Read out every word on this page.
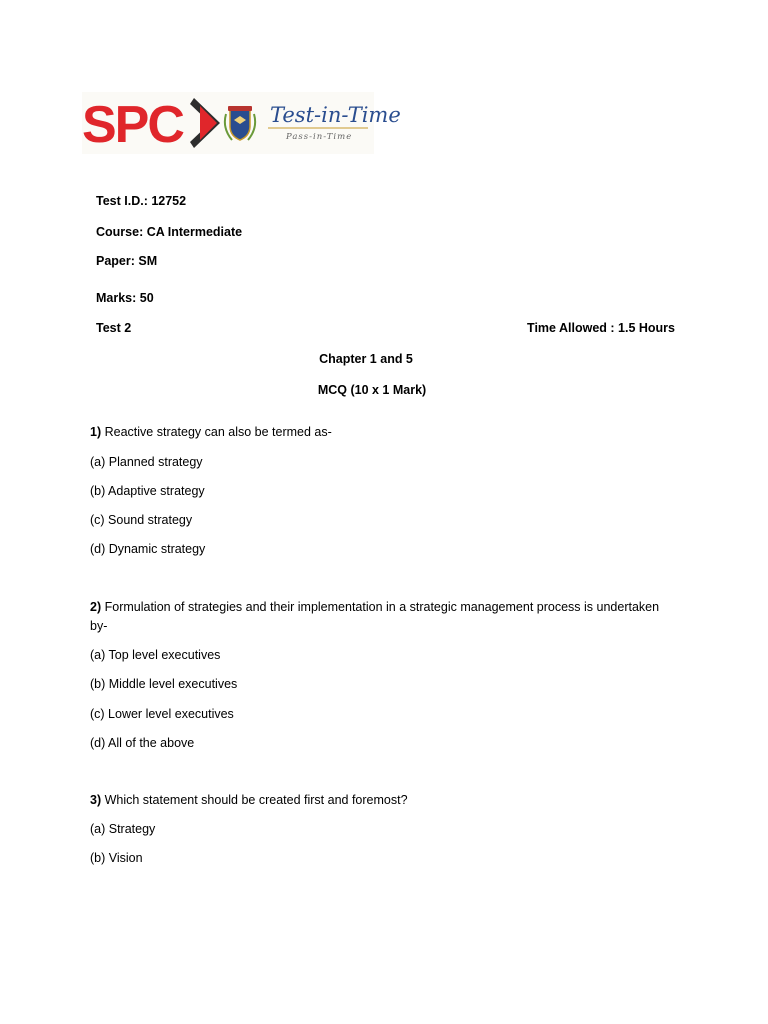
SPC	Test-in-Time
Pass-in-Time
Test I.D.: 12752
Course: CA Intermediate
Paper: SM
Marks: 50
Test 2	Time Allowed : 1.5 Hours
Chapter 1 and 5
MCQ (10 x 1 Mark)
1) Reactive strategy can also be termed as-
(a) Planned strategy
(b) Adaptive strategy
(c) Sound strategy
(d) Dynamic strategy
2) Formulation of strategies and their implementation in a strategic management process is undertaken
by-
(a) Top level executives
(b) Middle level executives
(c) Lower level executives
(d) All of the above
3) Which statement should be created first and foremost?
(a) Strategy
(b) Vision
